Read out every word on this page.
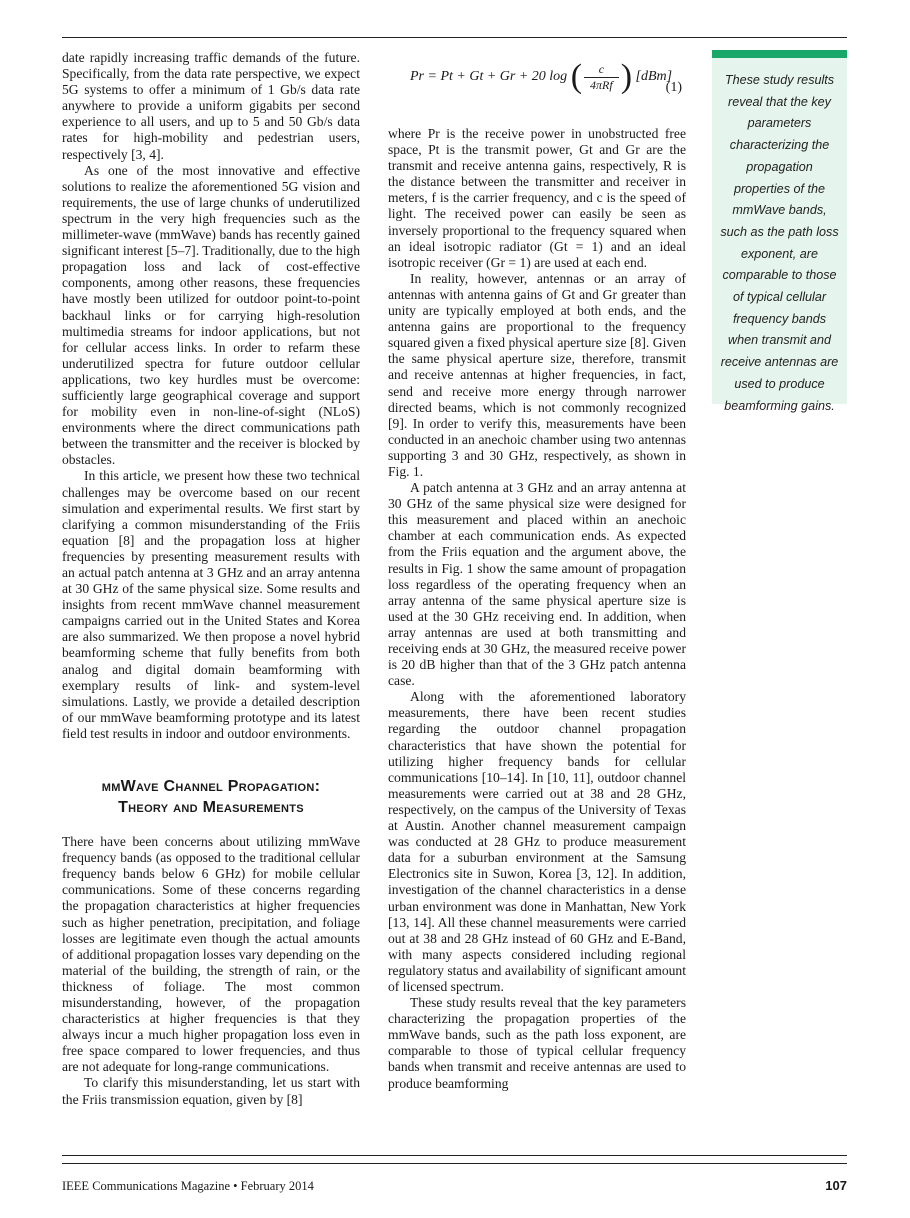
date rapidly increasing traffic demands of the future. Specifically, from the data rate perspective, we expect 5G systems to offer a minimum of 1 Gb/s data rate anywhere to provide a uniform gigabits per second experience to all users, and up to 5 and 50 Gb/s data rates for high-mobility and pedestrian users, respectively [3, 4].

As one of the most innovative and effective solutions to realize the aforementioned 5G vision and requirements, the use of large chunks of underutilized spectrum in the very high frequencies such as the millimeter-wave (mmWave) bands has recently gained significant interest [5–7]. Traditionally, due to the high propagation loss and lack of cost-effective components, among other reasons, these frequencies have mostly been utilized for outdoor point-to-point backhaul links or for carrying high-resolution multimedia streams for indoor applications, but not for cellular access links. In order to refarm these underutilized spectra for future outdoor cellular applications, two key hurdles must be overcome: sufficiently large geographical coverage and support for mobility even in non-line-of-sight (NLoS) environments where the direct communications path between the transmitter and the receiver is blocked by obstacles.

In this article, we present how these two technical challenges may be overcome based on our recent simulation and experimental results. We first start by clarifying a common misunderstanding of the Friis equation [8] and the propagation loss at higher frequencies by presenting measurement results with an actual patch antenna at 3 GHz and an array antenna at 30 GHz of the same physical size. Some results and insights from recent mmWave channel measurement campaigns carried out in the United States and Korea are also summarized. We then propose a novel hybrid beamforming scheme that fully benefits from both analog and digital domain beamforming with exemplary results of link- and system-level simulations. Lastly, we provide a detailed description of our mmWave beamforming prototype and its latest field test results in indoor and outdoor environments.

mmWave Channel Propagation:
Theory and Measurements

There have been concerns about utilizing mmWave frequency bands (as opposed to the traditional cellular frequency bands below 6 GHz) for mobile cellular communications. Some of these concerns regarding the propagation characteristics at higher frequencies such as higher penetration, precipitation, and foliage losses are legitimate even though the actual amounts of additional propagation losses vary depending on the material of the building, the strength of rain, or the thickness of foliage. The most common misunderstanding, however, of the propagation characteristics at higher frequencies is that they always incur a much higher propagation loss even in free space compared to lower frequencies, and thus are not adequate for long-range communications.

To clarify this misunderstanding, let us start with the Friis transmission equation, given by [8]

Pr = Pt + Gt + Gr + 20 log ( $\frac{c}{\text{4πRf}}$ ) [dBm]
(1)

where Pr is the receive power in unobstructed free space, Pt is the transmit power, Gt and Gr are the transmit and receive antenna gains, respectively, R is the distance between the transmitter and receiver in meters, f is the carrier frequency, and c is the speed of light. The received power can easily be seen as inversely proportional to the frequency squared when an ideal isotropic radiator (Gt = 1) and an ideal isotropic receiver (Gr = 1) are used at each end.

In reality, however, antennas or an array of antennas with antenna gains of Gt and Gr greater than unity are typically employed at both ends, and the antenna gains are proportional to the frequency squared given a fixed physical aperture size [8]. Given the same physical aperture size, therefore, transmit and receive antennas at higher frequencies, in fact, send and receive more energy through narrower directed beams, which is not commonly recognized [9]. In order to verify this, measurements have been conducted in an anechoic chamber using two antennas supporting 3 and 30 GHz, respectively, as shown in Fig. 1.

A patch antenna at 3 GHz and an array antenna at 30 GHz of the same physical size were designed for this measurement and placed within an anechoic chamber at each communication ends. As expected from the Friis equation and the argument above, the results in Fig. 1 show the same amount of propagation loss regardless of the operating frequency when an array antenna of the same physical aperture size is used at the 30 GHz receiving end. In addition, when array antennas are used at both transmitting and receiving ends at 30 GHz, the measured receive power is 20 dB higher than that of the 3 GHz patch antenna case.

Along with the aforementioned laboratory measurements, there have been recent studies regarding the outdoor channel propagation characteristics that have shown the potential for utilizing higher frequency bands for cellular communications [10–14]. In [10, 11], outdoor channel measurements were carried out at 38 and 28 GHz, respectively, on the campus of the University of Texas at Austin. Another channel measurement campaign was conducted at 28 GHz to produce measurement data for a suburban environment at the Samsung Electronics site in Suwon, Korea [3, 12]. In addition, investigation of the channel characteristics in a dense urban environment was done in Manhattan, New York [13, 14]. All these channel measurements were carried out at 38 and 28 GHz instead of 60 GHz and E-Band, with many aspects considered including regional regulatory status and availability of significant amount of licensed spectrum.

These study results reveal that the key parameters characterizing the propagation properties of the mmWave bands, such as the path loss exponent, are comparable to those of typical cellular frequency bands when transmit and receive antennas are used to produce beamforming

These study results reveal that the key parameters characterizing the propagation properties of the mmWave bands, such as the path loss exponent, are comparable to those of typical cellular frequency bands when transmit and receive antennas are used to produce beamforming gains.
IEEE Communications Magazine • February 2014	107
